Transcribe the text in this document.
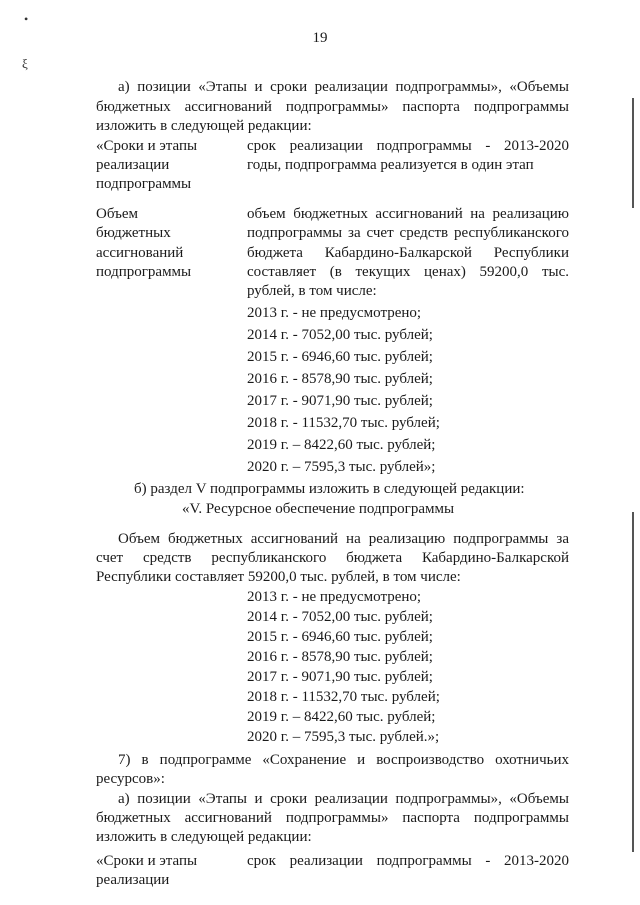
19
•
ξ
а) позиции «Этапы и сроки реализации подпрограммы», «Объемы
бюджетных ассигнований подпрограммы» паспорта подпрограммы
изложить в следующей редакции:
«Сроки и этапы
реализации
подпрограммы
срок реализации подпрограммы - 2013-2020
годы, подпрограмма реализуется в один этап
Объем
бюджетных
ассигнований
подпрограммы
объем бюджетных ассигнований на реализацию
подпрограммы за счет средств республиканского
бюджета Кабардино-Балкарской Республики
составляет (в текущих ценах) 59200,0 тыс.
рублей, в том числе:
2013 г. - не предусмотрено;
2014 г. - 7052,00 тыс. рублей;
2015 г. - 6946,60 тыс. рублей;
2016 г. - 8578,90 тыс. рублей;
2017 г. - 9071,90 тыс. рублей;
2018 г. - 11532,70 тыс. рублей;
2019 г. – 8422,60 тыс. рублей;
2020 г. – 7595,3 тыс. рублей»;
б) раздел V подпрограммы изложить в следующей редакции:
«V. Ресурсное обеспечение подпрограммы
Объем бюджетных ассигнований на реализацию подпрограммы за
счет средств республиканского бюджета Кабардино-Балкарской
Республики составляет 59200,0 тыс. рублей, в том числе:
2013 г. - не предусмотрено;
2014 г. - 7052,00 тыс. рублей;
2015 г. - 6946,60 тыс. рублей;
2016 г. - 8578,90 тыс. рублей;
2017 г. - 9071,90 тыс. рублей;
2018 г. - 11532,70 тыс. рублей;
2019 г. – 8422,60 тыс. рублей;
2020 г. – 7595,3 тыс. рублей.»;
7) в подпрограмме «Сохранение и воспроизводство охотничьих
ресурсов»:
а) позиции «Этапы и сроки реализации подпрограммы», «Объемы
бюджетных ассигнований подпрограммы» паспорта подпрограммы
изложить в следующей редакции:
«Сроки и этапы
реализации
срок реализации подпрограммы - 2013-2020
